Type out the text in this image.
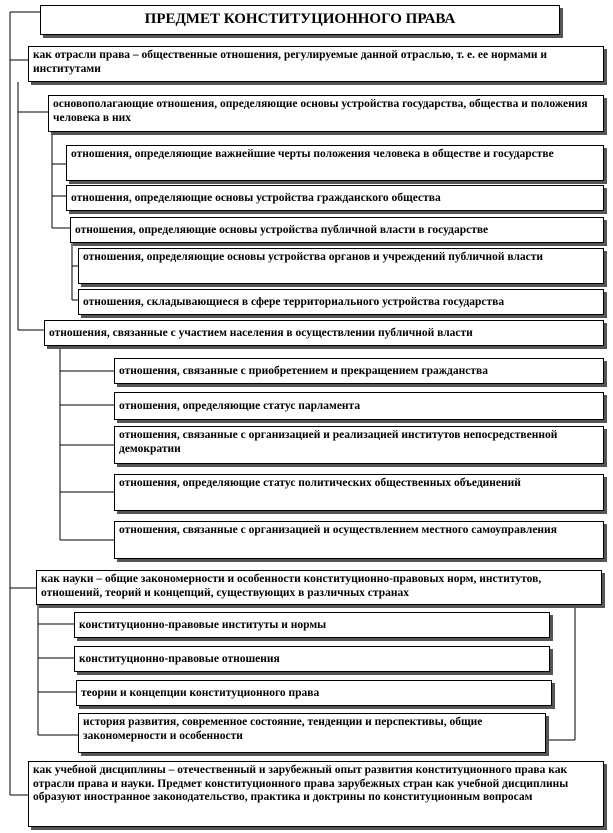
ПРЕДМЕТ КОНСТИТУЦИОННОГО ПРАВА
как отрасли права – общественные отношения, регулируемые данной отраслью, т. е. ее нормами и институтами
основополагающие отношения, определяющие основы устройства государства, общества и положения человека в них
отношения, определяющие важнейшие черты положения человека в обществе и государстве
отношения, определяющие основы устройства гражданского общества
отношения, определяющие основы устройства публичной власти в государстве
отношения, определяющие основы устройства органов и учреждений публичной власти
отношения, складывающиеся в сфере территориального устройства государства
отношения, связанные с участием населения в осуществлении публичной власти
отношения, связанные с приобретением и прекращением гражданства
отношения, определяющие статус парламента
отношения, связанные с организацией и реализацией институтов непосредственной демократии
отношения, определяющие статус политических общественных объединений
отношения, связанные с организацией и осуществлением местного самоуправления
как науки – общие закономерности и особенности конституционно-правовых норм, институтов, отношений, теорий и концепций, существующих в различных странах
конституционно-правовые институты и нормы
конституционно-правовые отношения
теории и концепции конституционного права
история развития, современное состояние, тенденции и перспективы, общие закономерности и особенности
как учебной дисциплины – отечественный и зарубежный опыт развития конституционного права как отрасли права и науки. Предмет конституционного права зарубежных стран как учебной дисциплины образуют иностранное законодательство, практика и доктрины по конституционным вопросам
